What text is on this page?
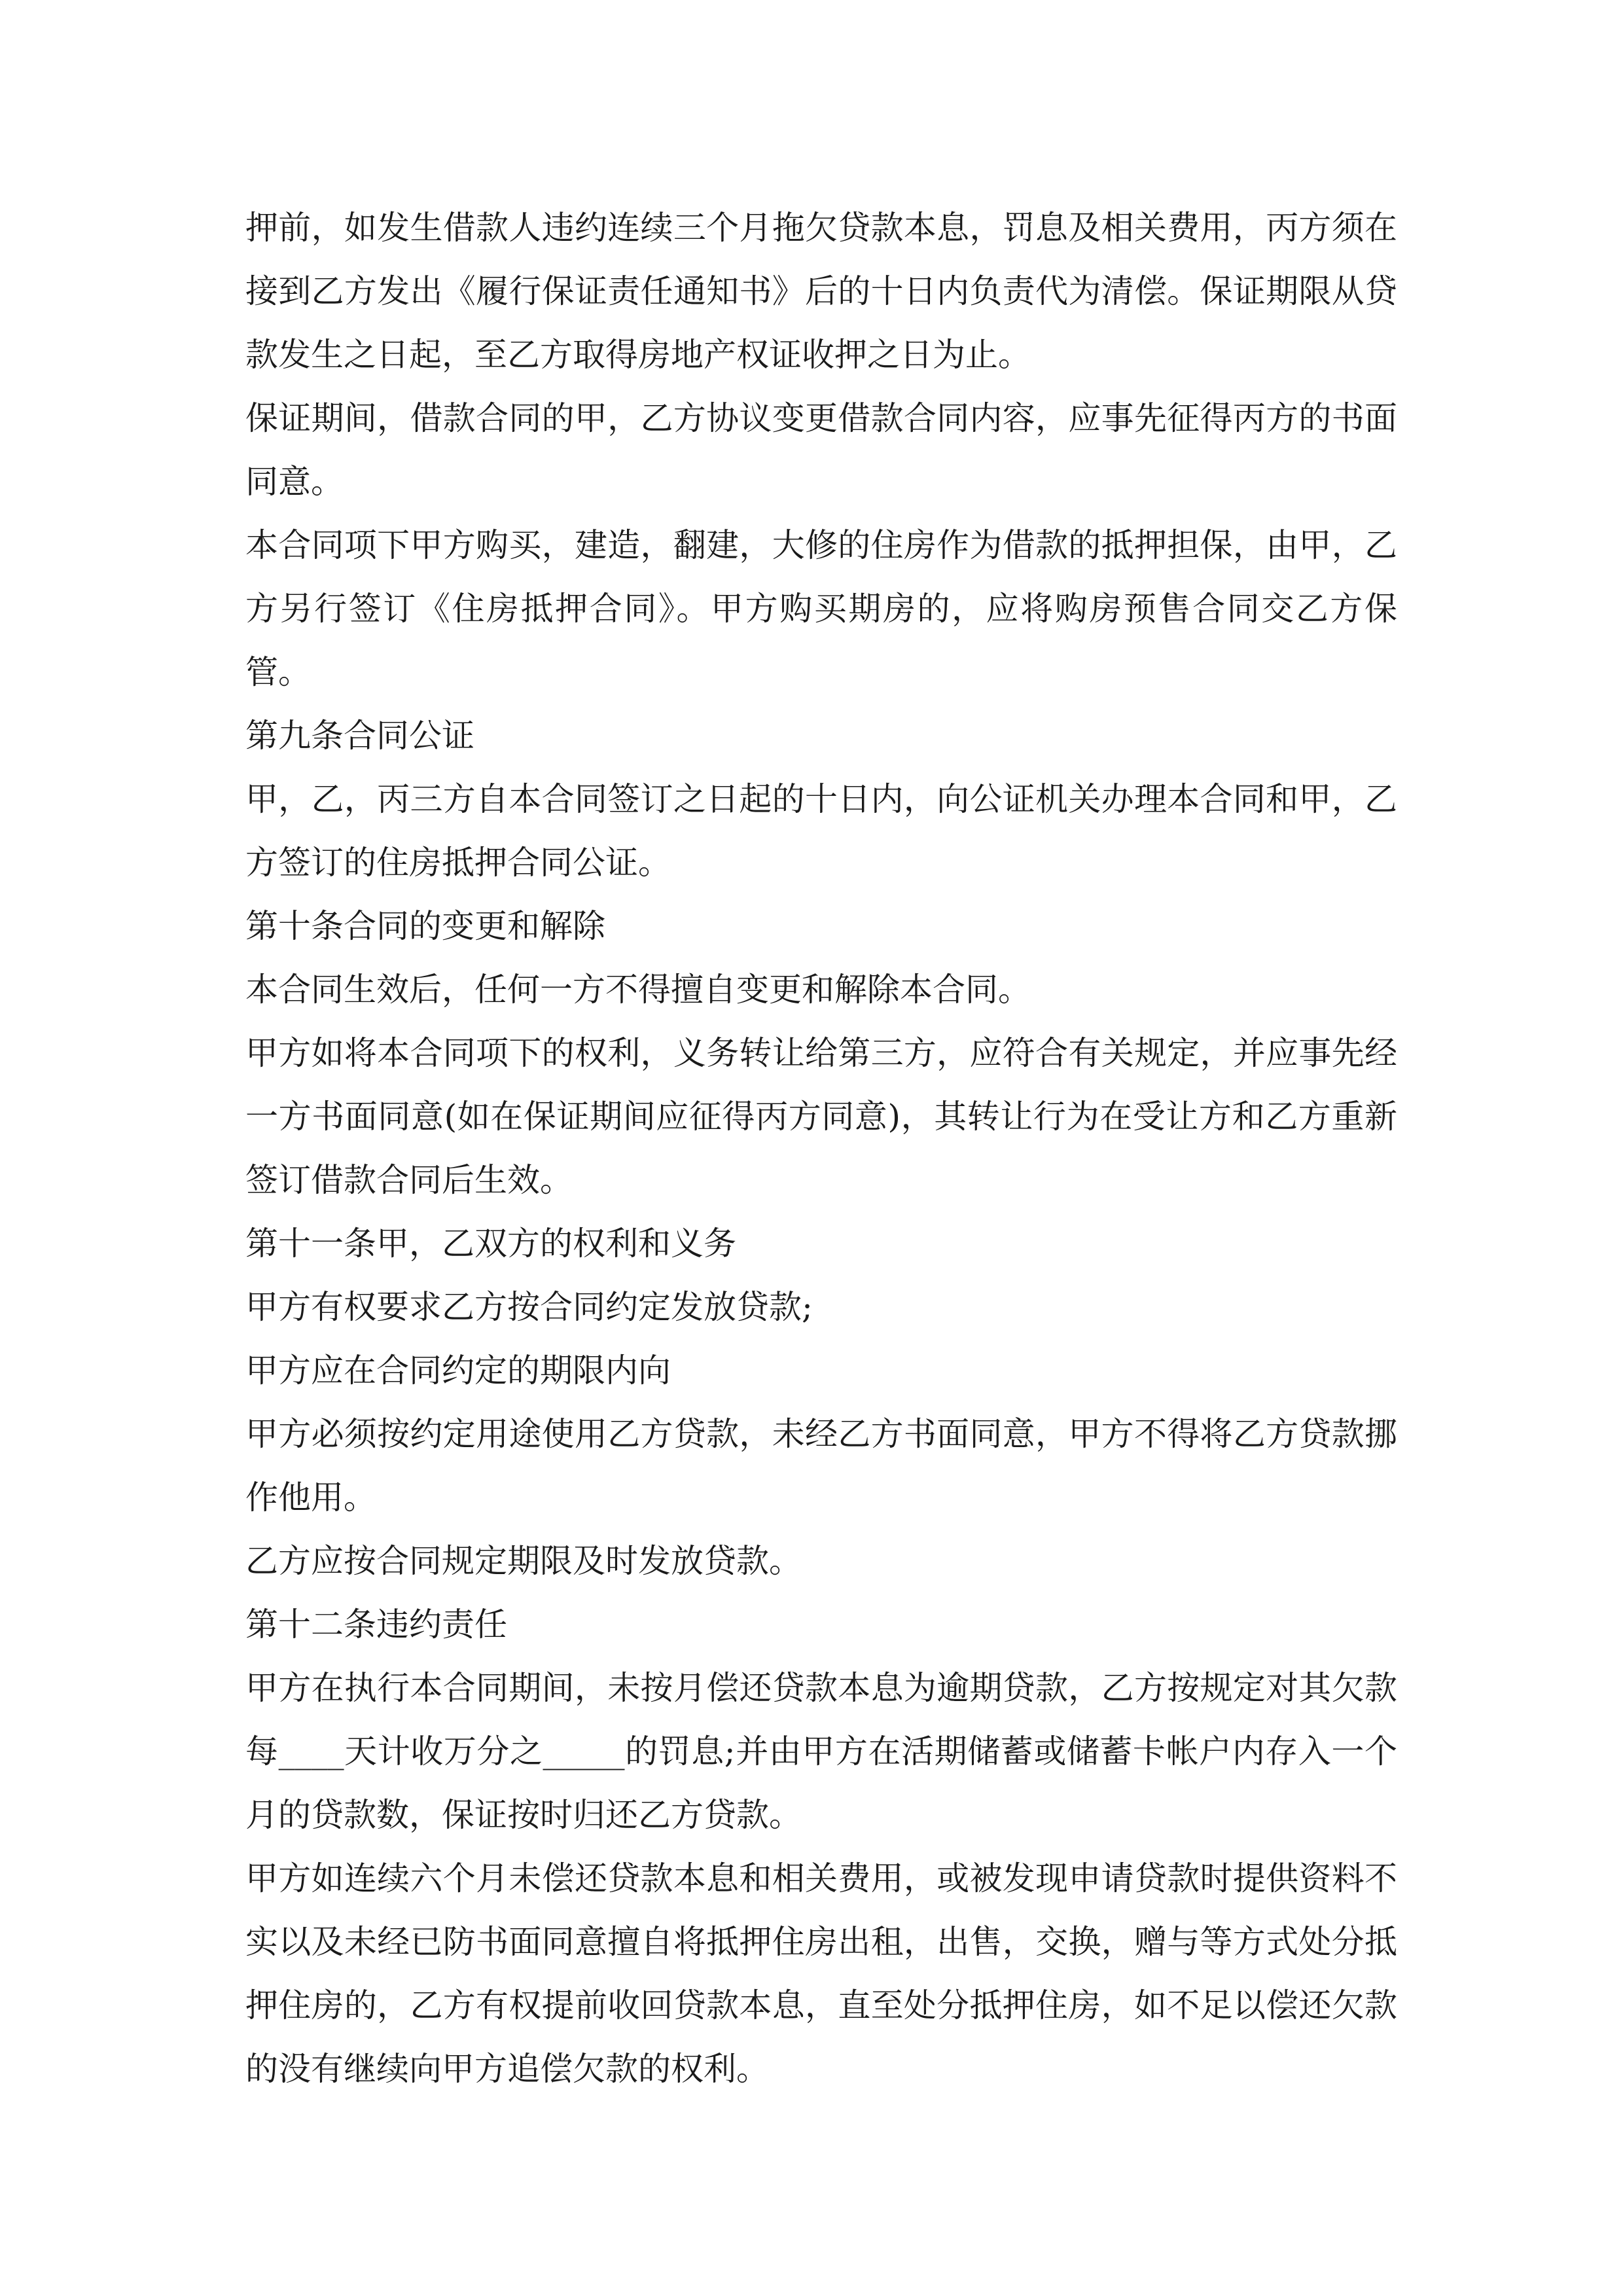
押前，如发生借款人违约连续三个月拖欠贷款本息，罚息及相关费用，丙方须在接到乙方发出《履行保证责任通知书》后的十日内负责代为清偿。保证期限从贷款发生之日起，至乙方取得房地产权证收押之日为止。

保证期间，借款合同的甲，乙方协议变更借款合同内容，应事先征得丙方的书面同意。

本合同项下甲方购买，建造，翻建，大修的住房作为借款的抵押担保，由甲，乙方另行签订《住房抵押合同》。甲方购买期房的，应将购房预售合同交乙方保管。

第九条合同公证

甲，乙，丙三方自本合同签订之日起的十日内，向公证机关办理本合同和甲，乙方签订的住房抵押合同公证。

第十条合同的变更和解除

本合同生效后，任何一方不得擅自变更和解除本合同。

甲方如将本合同项下的权利，义务转让给第三方，应符合有关规定，并应事先经一方书面同意(如在保证期间应征得丙方同意)，其转让行为在受让方和乙方重新签订借款合同后生效。

第十一条甲，乙双方的权利和义务

甲方有权要求乙方按合同约定发放贷款;

甲方应在合同约定的期限内向

甲方必须按约定用途使用乙方贷款，未经乙方书面同意，甲方不得将乙方贷款挪作他用。

乙方应按合同规定期限及时发放贷款。

第十二条违约责任

甲方在执行本合同期间，未按月偿还贷款本息为逾期贷款，乙方按规定对其欠款每____天计收万分之_____的罚息;并由甲方在活期储蓄或储蓄卡帐户内存入一个月的贷款数，保证按时归还乙方贷款。

甲方如连续六个月未偿还贷款本息和相关费用，或被发现申请贷款时提供资料不实以及未经已防书面同意擅自将抵押住房出租，出售，交换，赠与等方式处分抵押住房的，乙方有权提前收回贷款本息，直至处分抵押住房，如不足以偿还欠款的没有继续向甲方追偿欠款的权利。
